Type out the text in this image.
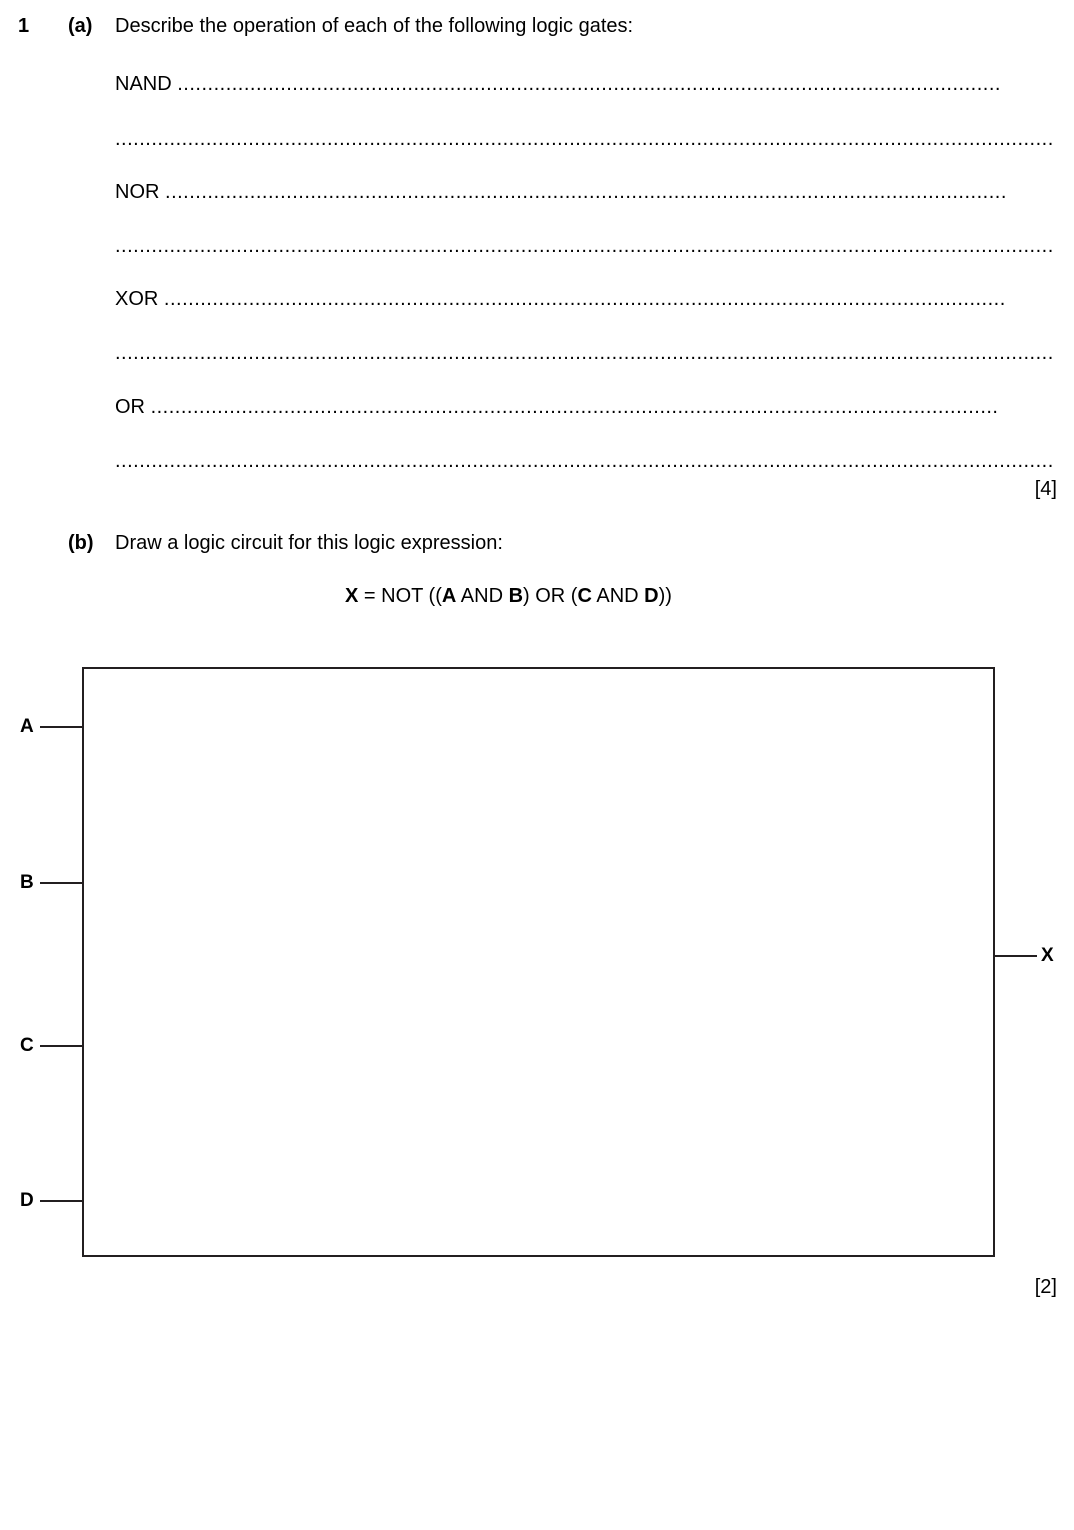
1 (a) Describe the operation of each of the following logic gates:
NAND ........................................................................................................................................
...........................................................................................................................................................
NOR ...........................................................................................................................................
...........................................................................................................................................................
XOR ...........................................................................................................................................
...........................................................................................................................................................
OR ............................................................................................................................................
...........................................................................................................................................................
[4]
(b) Draw a logic circuit for this logic expression:
X = NOT ((A AND B) OR (C AND D))
A
B
C
D
X
[2]
